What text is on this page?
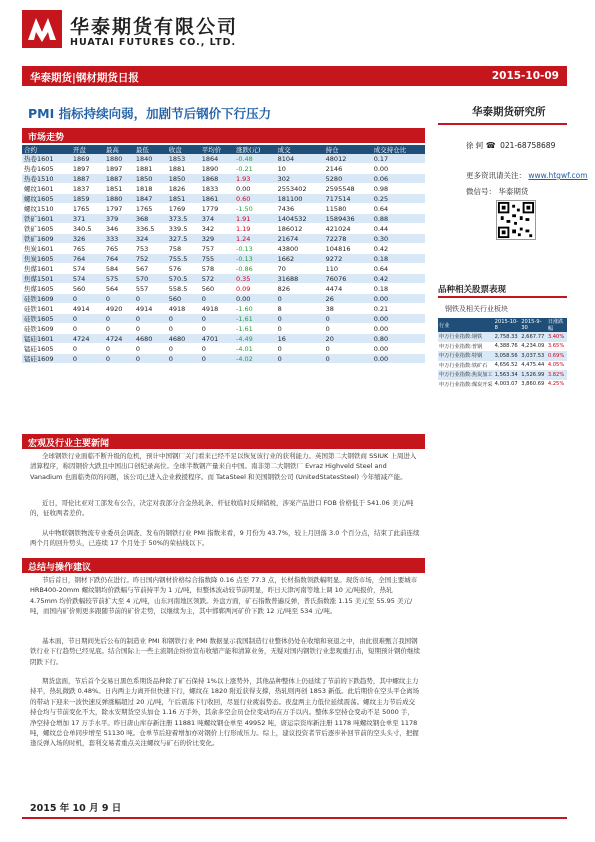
华泰期货有限公司
HUATAI FUTURES CO., LTD.
华泰期货|钢材期货日报	2015-10-09
PMI 指标持续向弱，加剧节后钢价下行压力
市场走势
合约	开盘	最高	最低	收盘	平均价	涨跌(元)	成交	持仓	成交持仓比
热卷1601	1869	1880	1840	1853	1864	-0.48	8104	48012	0.17
热卷1605	1897	1897	1881	1881	1890	-0.21	10	2146	0.00
热卷1510	1887	1887	1850	1850	1868	1.93	302	5280	0.06
螺纹1601	1837	1851	1818	1826	1833	0.00	2553402	2595548	0.98
螺纹1605	1859	1880	1847	1851	1861	0.60	181100	717514	0.25
螺纹1510	1765	1797	1765	1769	1779	-1.50	7436	11580	0.64
铁矿1601	371	379	368	373.5	374	1.91	1404532	1589436	0.88
铁矿1605	340.5	346	336.5	339.5	342	1.19	186012	421024	0.44
铁矿1609	326	333	324	327.5	329	1.24	21674	72278	0.30
焦炭1601	765	765	753	758	757	-0.13	43800	104816	0.42
焦炭1605	764	764	752	755.5	755	-0.13	1662	9272	0.18
焦煤1601	574	584	567	576	578	-0.86	70	110	0.64
焦煤1501	574	575	570	570.5	572	0.35	31688	76076	0.42
焦煤1605	560	564	557	558.5	560	0.09	826	4474	0.18
硅铁1609	0	0	0	560	0	0.00	0	26	0.00
硅铁1601	4914	4920	4914	4918	4918	-1.60	8	38	0.21
硅铁1605	0	0	0	0	0	-1.61	0	0	0.00
硅铁1609	0	0	0	0	0	-1.61	0	0	0.00
锰硅1601	4724	4724	4680	4680	4701	-4.49	16	20	0.80
锰硅1605	0	0	0	0	0	-4.01	0	0	0.00
锰硅1609	0	0	0	0	0	-4.02	0	0	0.00
宏观及行业主要新闻
全球钢铁行业面临不断升级的危机，预计中国钢厂关门看来已经不足以恢复该行业的获利能力。英国第二大钢铁商 SSIUK 上周进入清算程序，称因钢价大跌且中国出口创纪录高位。全球半数钢产量来自中国。南非第二大钢铁厂 Evraz Highveld Steel and Vanadium 也面临类似的问题，该公司已进入企业救援程序。而 TataSteel 和美国钢铁公司 (UnitedStatesSteel) 今年缩减产能。
近日，哥伦比亚对工部发布公告，决定对我部分合金热轧条、杆征收临时反倾销税，涉案产品进口 FOB 价格低于 541.06 美元/吨的，征收两者差价。
从中物联钢铁物流专业委员会调查、发布的钢铁行业 PMI 指数来看，9 月份为 43.7%，较上月回落 3.0 个百分点，结束了此前连续两个月的回升势头，已连续 17 个月处于 50%的荣枯线以下。
总结与操作建议
节后首日，钢材下跌仍在进行。昨日国内钢材价格综合指数降 0.16 点至 77.3 点，长材指数领跌幅明显。现货市场，全国主要城市 HRB400-20mm 螺纹钢均价跌幅与节前持平为 1 元/吨，但整体波动较节前明显，昨日天津河南等地上调 10 元/吨报价，热轧 4.75mm 均价跌幅较节前扩大至 4 元/吨，山东河南地区领跌。外盘方面，矿石指数普遍反弹，普氏指数涨 1.15 美元至 55.95 美元/吨，而国内矿价则更多跟随节前的矿价走势，以继续为主，其中邯郸两河矿价下跌 12 元/吨至 534 元/吨。
基本面，节日期间先后公布的制造业 PMI 和钢铁行业 PMI 数据显示我国制造行业整体仍处在收缩和衰退之中，由此很难甄言我国钢铁行业下行趋势已经见底。结合国际上一些主流钢企纷纷宣布收缩产能和清算业务，无疑对国内钢铁行业悲观重打击，短期预计钢价继续阴跌下行。
期货盘面，节后首个交易日黑色系期货品种除了矿石保持 1%以上涨势外，其他品种整体上仍延续了节前的下跌趋势，其中螺纹主力持平，热轧微跌 0.48%。日内两主力离开但快速下行，螺纹在 1820 附近获得支撑，热轧则再创 1853 新低。此后期价在空头平仓离场的带动下迎来一波快速反弹涨幅超过 20 元/吨，午后震荡下行收回，尽显行业疲弱势态。夜盘两主力低位延续震荡。螺纹主力节后成交持仓均与节前变化不大，除永安期货空头加仓 1.16 万手外，其余多空会员仓位变动均在万手以内。整体多空持仓变动不足 5000 手，净空持仓增加 17 万手水平。昨日唐山库存新注册 11881 吨螺纹钢仓单至 49952 吨，唐运宗资库新注册 1178 吨螺纹钢仓单至 1178 吨，螺纹总仓单同步增至 51130 吨。仓单节后迎着增加亦对钢价上行形成压力。综上，建议投资者节后逐步补回节前的空头头寸，把握逢反弹入场的时机，套利交易者重点关注螺纹与矿石的价比变化。
华泰期货研究所
徐 轲 ☎ 021-68758689
更多资讯请关注： www.htgwf.com
微信号： 华泰期货
品种相关股票表现
钢铁及相关行业板块
行业	2015-10-8	2015-9-30	日涨跌幅
申万行业指数:钢铁	2,758.33	2,667.77	3.40%
申万行业指数:普钢	4,388.76	4,234.09	3.65%
申万行业指数:特钢	3,058.56	3,037.53	0.69%
申万行业指数:铁矿石	4,656.52	4,475.44	4.05%
申万行业指数:焦炭加工	1,563.34	1,526.99	3.82%
申万行业指数:煤炭开采	4,003.07	3,860.69	4.25%
2015 年 10 月 9 日
